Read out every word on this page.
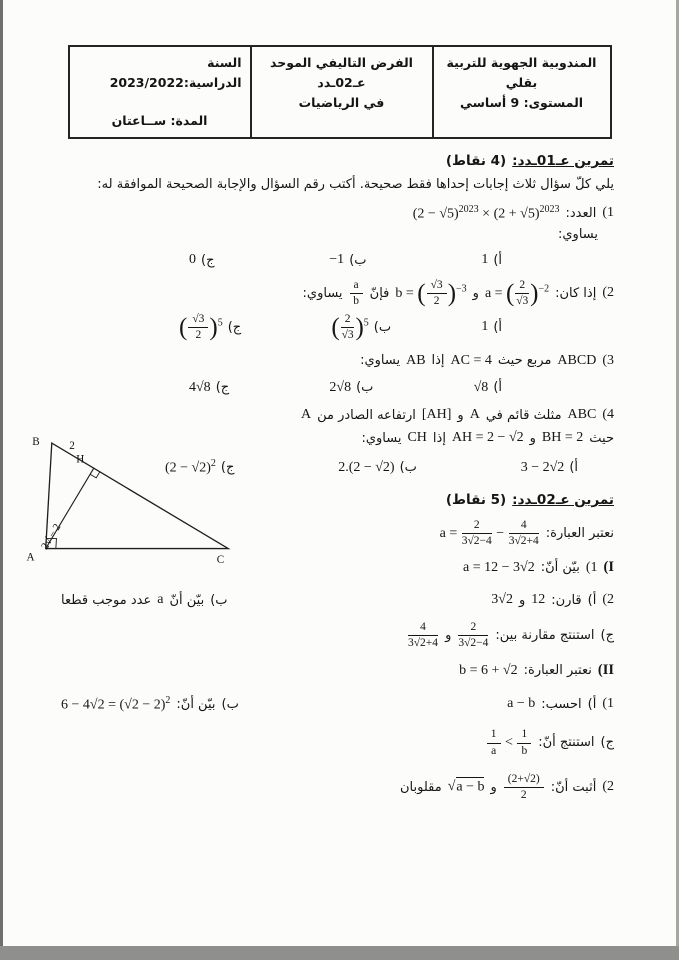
المندوبية الجهوية للتربية
بقلي
المستوى: 9 أساسي

الفرض التاليفي الموحد
عـ02ـدد
في الرياضيات

السنة الدراسية:2023/2022
المدة: ســاعتان
تمرين عـ01ـدد:
(4 نقاط)
يلي كلّ سؤال ثلاث إجابات إحداها فقط صحيحة. أكتب رقم السؤال والإجابة الصحيحة الموافقة له:
1)
العدد:
$(2 - √5)^{2023} \times (2 + √5)^{2023}$
يساوي:
أ)
1
ب)
−1
ج)
0
2)
إذا كان:
a = ( $\frac{2}{√3} )^{-2}$
و
b = ( $\frac{√3}{2} )^{-3}$
فإنّ
$\frac{a}{b}$
يساوي:
أ)
1
ب)
( $\frac{2}{√3} )^5$
ج)
( $\frac{√3}{2} )^5$
3)
ABCD
مربع حيث
AC = 4
إذا
AB
يساوي:
أ)
√8
ب)
2√8
ج)
4√8
4)
ABC
مثلث قائم في
A
و
[AH]
ارتفاعه الصادر من
A
حيث
BH = 2
و
AH = 2 − √2
إذا
CH
يساوي:
أ)
3 − 2√2
ب)
2.(2 − √2)
ج)
$(2 - √2)^2$
تمرين عـ02ـدد:
(5 نقاط)
نعتبر العبارة:
$a = \frac{2}{3√2-4} - \frac{4}{3√2+4}$
I)
1)
بيّن أنّ:
a = 12 − 3√2
2)
أ)
قارن:
12
و
3√2
ب)
بيّن أنّ
a
عدد موجب قطعا
ج)
استنتج مقارنة بين:
$\frac{2}{3√2-4}$
و
$\frac{4}{3√2+4}$
II)
نعتبر العبارة:
b = 6 + √2
1)
أ)
احسب:
a − b
ب)
بيّن أنّ:
$6 - 4√2 = (√2 - 2)^2$
ج)
استنتج أنّ:
$\frac{1}{a} < \frac{1}{b}$
2)
أثبت أنّ:
$\frac{(2+√2)}{2}$
و
√a − b
مقلوبان
B
A	C
H
2
2 − √2
